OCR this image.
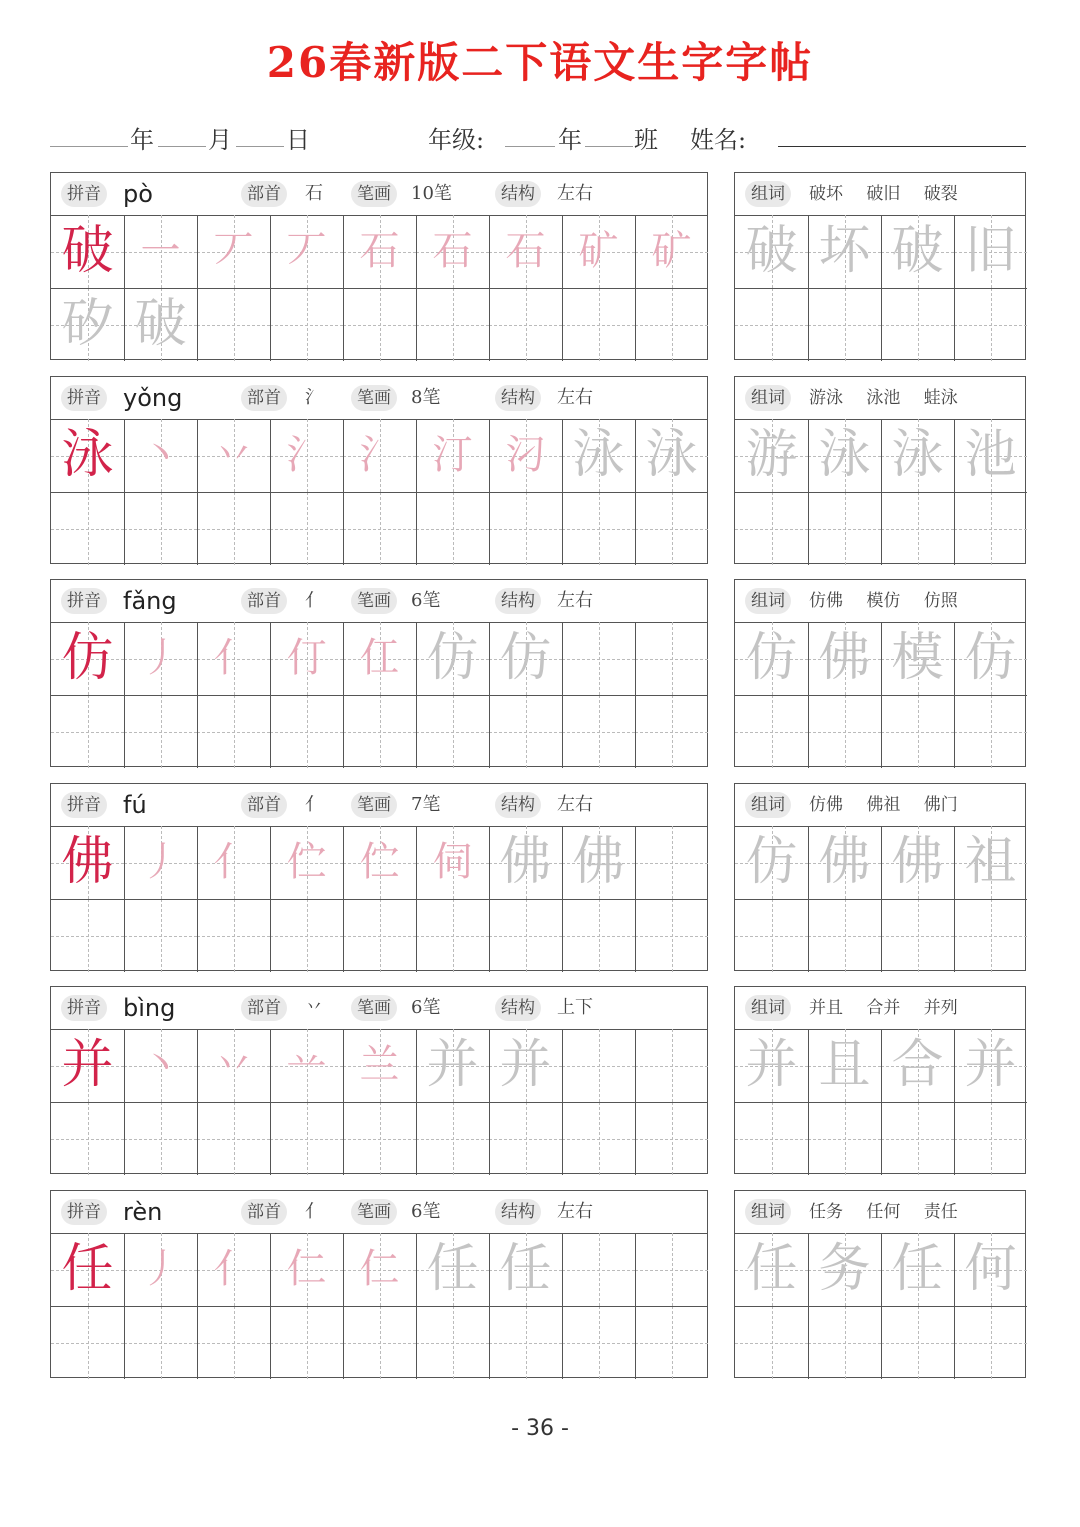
26春新版二下语文生字字帖
年 月 日	年级:	年 班 姓名:
拼音 pò	部首	石	笔画	10笔	结构	左右
破 一 丆 丆 石 石 石 矿 矿
矽 破
组词	破坏 破旧 破裂
破 坏 破 旧
拼音 yǒng	部首	氵	笔画	8笔	结构	左右
泳 丶 丷 氵 氵 汀 汈 泳 泳
组词	游泳 泳池 蛙泳
游 泳 泳 池
拼音 fǎng	部首	亻	笔画	6笔	结构	左右
仿 丿 亻 仃 仜 仿 仿
组词	仿佛 模仿 仿照
仿 佛 模 仿
拼音 fú	部首	亻	笔画	7笔	结构	左右
佛 丿 亻 伫 伫 伺 佛 佛
组词	仿佛 佛祖 佛门
仿 佛 佛 祖
拼音 bìng	部首	丷	笔画	6笔	结构	上下
并 丶 丷 䒑 兰 并 并
组词	并且 合并 并列
并 且 合 并
拼音 rèn	部首	亻	笔画	6笔	结构	左右
任 丿 亻 仁 仁 任 任
组词	任务 任何 责任
任 务 任 何
- 36 -
